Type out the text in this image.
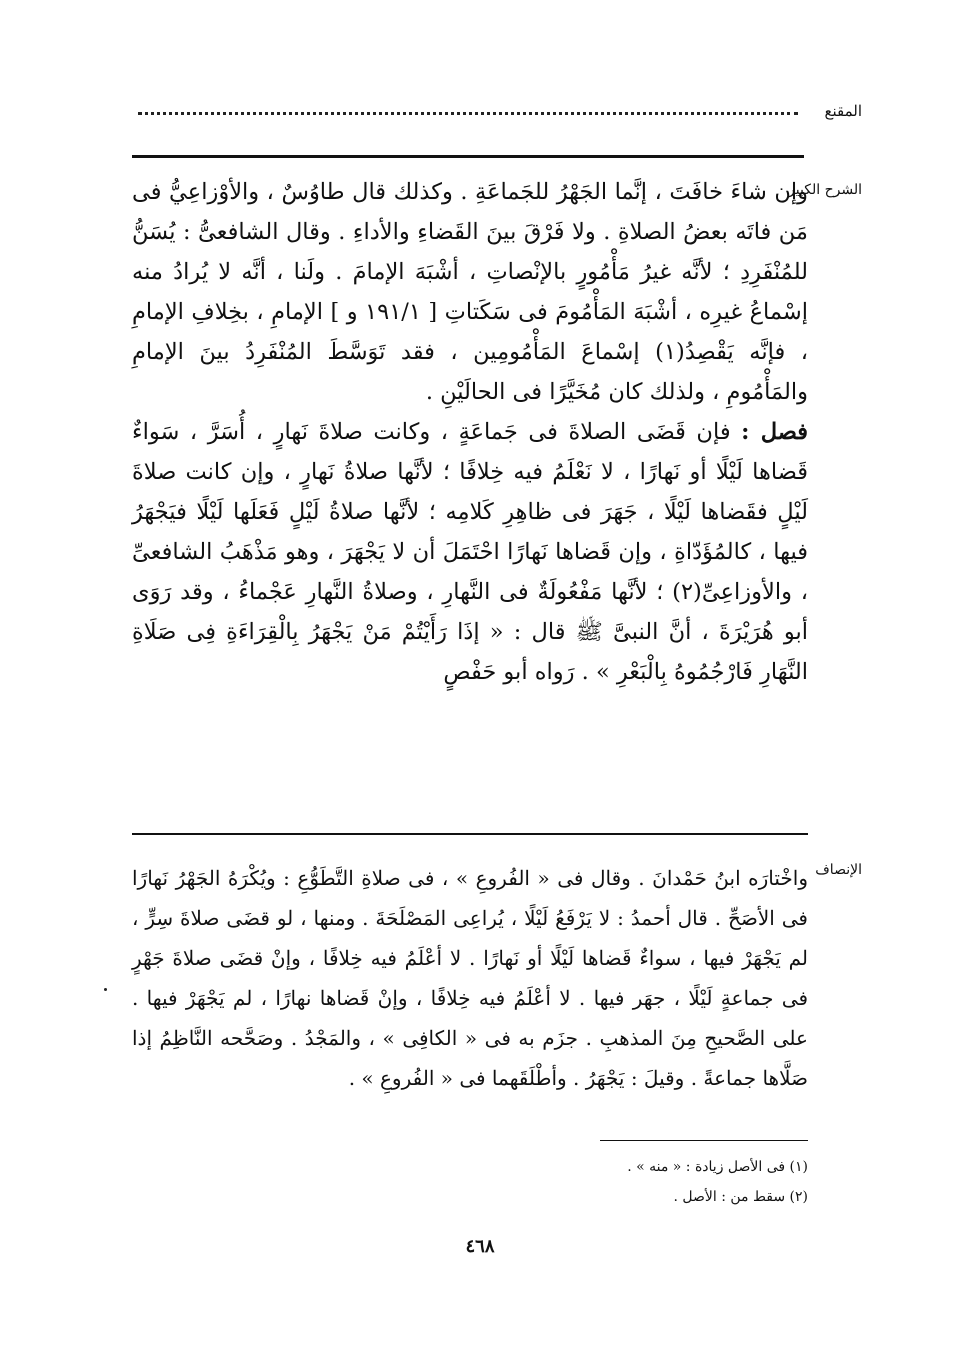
المقنع
الشرح الكبير

وإن شاءَ خافَتَ ، إنَّما الجَهْرُ للجَماعَةِ . وكذلك قال طاوُسٌ ، والأوْزاعِيُّ فى مَن فاتَه بعضُ الصلاةِ . ولا فَرْقَ بينَ القَضاءِ والأداءِ . وقال الشافعىُّ : يُسَنُّ للمُنْفَرِدِ ؛ لأنَّه غيرُ مَأْمُورٍ بالإنْصاتِ ، أشْبَهَ الإمامَ . ولَنا ، أنَّه لا يُرادُ منه إسْماعُ غيرِه ، أشْبَهَ المَأْمُومَ فى سَكَتاتِ [ ١٩١/١ و ] الإمامِ ، بخِلافِ الإمامِ ، فإنَّه يَقْصِدُ(١) إسْماعَ المَأْمُومِين ، فقد تَوَسَّطَ المُنْفَرِدُ بينَ الإمامِ والمَأْمُومِ ، ولذلك كان مُخَيَّرًا فى الحالَيْنِ .

فصل : فإن قَضَى الصلاةَ فى جَماعَةٍ ، وكانت صلاةَ نَهارٍ ، أُسَرَّ ، سَواءٌ قَضاها لَيْلًا أو نَهارًا ، لا نَعْلَمُ فيه خِلافًا ؛ لأنَّها صلاةُ نَهارٍ ، وإن كانت صلاةَ لَيْلٍ فقَضاها لَيْلًا ، جَهَرَ فى ظاهِرِ كَلامِه ؛ لأنَّها صلاةُ لَيْلٍ فَعَلَها لَيْلًا فيَجْهَرُ فيها ، كالمُؤَدّاةِ ، وإن قَضاها نَهارًا احْتَمَلَ أن لا يَجْهَرَ ، وهو مَذْهَبُ الشافعىِّ ، والأوزاعِىِّ(٢) ؛ لأنَّها مَفْعُولَةٌ فى النَّهارِ ، وصلاةُ النَّهارِ عَجْماءُ ، وقد رَوَى أبو هُرَيْرَةَ ، أنَّ النبىَّ ﷺ قال : « إذَا رَأَيْتُمْ مَنْ يَجْهَرُ بِالْقِرَاءَةِ فِى صَلَاةِ النَّهَارِ فَارْجُمُوهُ بِالْبَعْرِ » . رَواه أبو حَفْصٍ

الإنصاف

واخْتارَه ابنُ حَمْدانَ . وقال فى « الفُروعِ » ، فى صلاةِ التَّطَوُّعِ : ويُكْرَهُ الجَهْرُ نَهارًا فى الأصَحِّ . قال أحمدُ : لا يَرْفَعُ لَيْلًا ، يُراعِى المَصْلَحَةَ . ومنها ، لو قضَى صلاةَ سِرٍّ ، لم يَجْهَرْ فيها ، سواءٌ قَضاها لَيْلًا أو نَهارًا . لا أعْلَمُ فيه خِلافًا ، وإنْ قضَى صلاةَ جَهْرٍ فى جماعةٍ لَيْلًا ، جهَر فيها . لا أعْلَمُ فيه خِلافًا ، وإنْ قَضاها نهارًا ، لم يَجْهَرْ فيها . على الصَّحيحِ مِنَ المذهبِ . جزَم به فى « الكافِى » ، والمَجْدُ . وصَحَّحه النَّاظِمُ إذا صَلَّاها جماعةً . وقيلَ : يَجْهَرُ . وأطْلَقَهما فى « الفُروعِ » .

(١) فى الأصل زيادة : « منه » .
(٢) سقط من : الأصل .
٤٦٨
